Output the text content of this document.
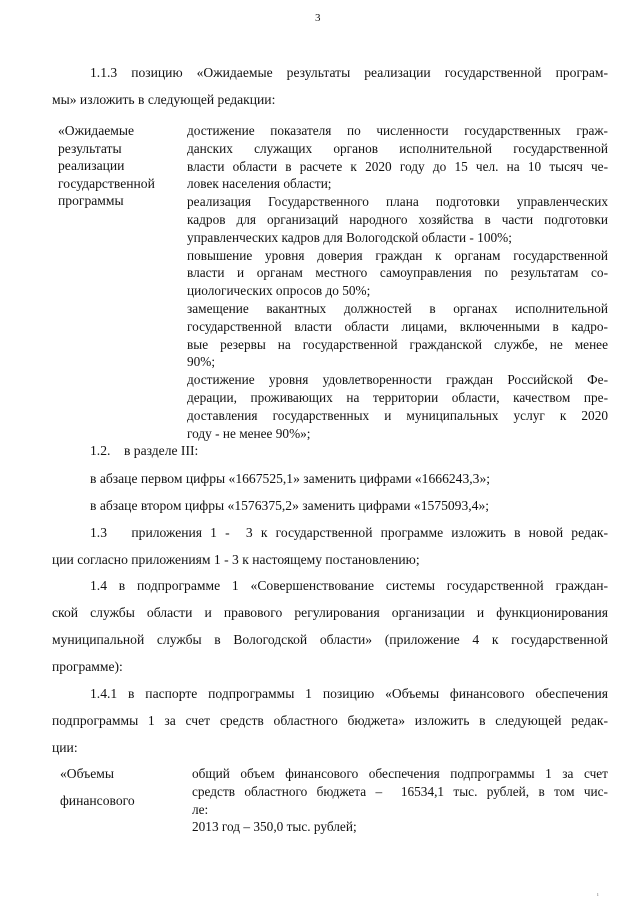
3
1.1.3 позицию «Ожидаемые результаты реализации государственной програм-
мы» изложить в следующей редакции:
«Ожидаемые
результаты
реализации
государственной
программы
достижение показателя по численности государственных граж-
данских служащих органов исполнительной государственной
власти области в расчете к 2020 году до 15 чел. на 10 тысяч че-
ловек населения области;
реализация Государственного плана подготовки управленческих
кадров для организаций народного хозяйства в части подготовки
управленческих кадров для Вологодской области - 100%;
повышение уровня доверия граждан к органам государственной
власти и органам местного самоуправления по результатам со-
циологических опросов до 50%;
замещение вакантных должностей в органах исполнительной
государственной власти области лицами, включенными в кадро-
вые резервы на государственной гражданской службе, не менее
90%;
достижение уровня удовлетворенности граждан Российской Фе-
дерации, проживающих на территории области, качеством пре-
доставления государственных и муниципальных услуг к 2020
году - не менее 90%»;
1.2.    в разделе III:
в абзаце первом цифры «1667525,1» заменить цифрами «1666243,3»;
в абзаце втором цифры «1576375,2» заменить цифрами «1575093,4»;
1.3   приложения 1 -  3 к государственной программе изложить в новой редак-
ции согласно приложениям 1 - 3 к настоящему постановлению;
1.4 в подпрограмме 1 «Совершенствование системы государственной граждан-
ской службы области и правового регулирования организации и функционирования
муниципальной службы в Вологодской области» (приложение 4 к государственной
программе):
1.4.1 в паспорте подпрограммы 1 позицию «Объемы финансового обеспечения
подпрограммы 1 за счет средств областного бюджета» изложить в следующей редак-
ции:
«Объемы
финансового
общий объем финансового обеспечения подпрограммы 1 за счет
средств областного бюджета –  16534,1 тыс. рублей, в том чис-
ле:
2013 год – 350,0 тыс. рублей;
ı
